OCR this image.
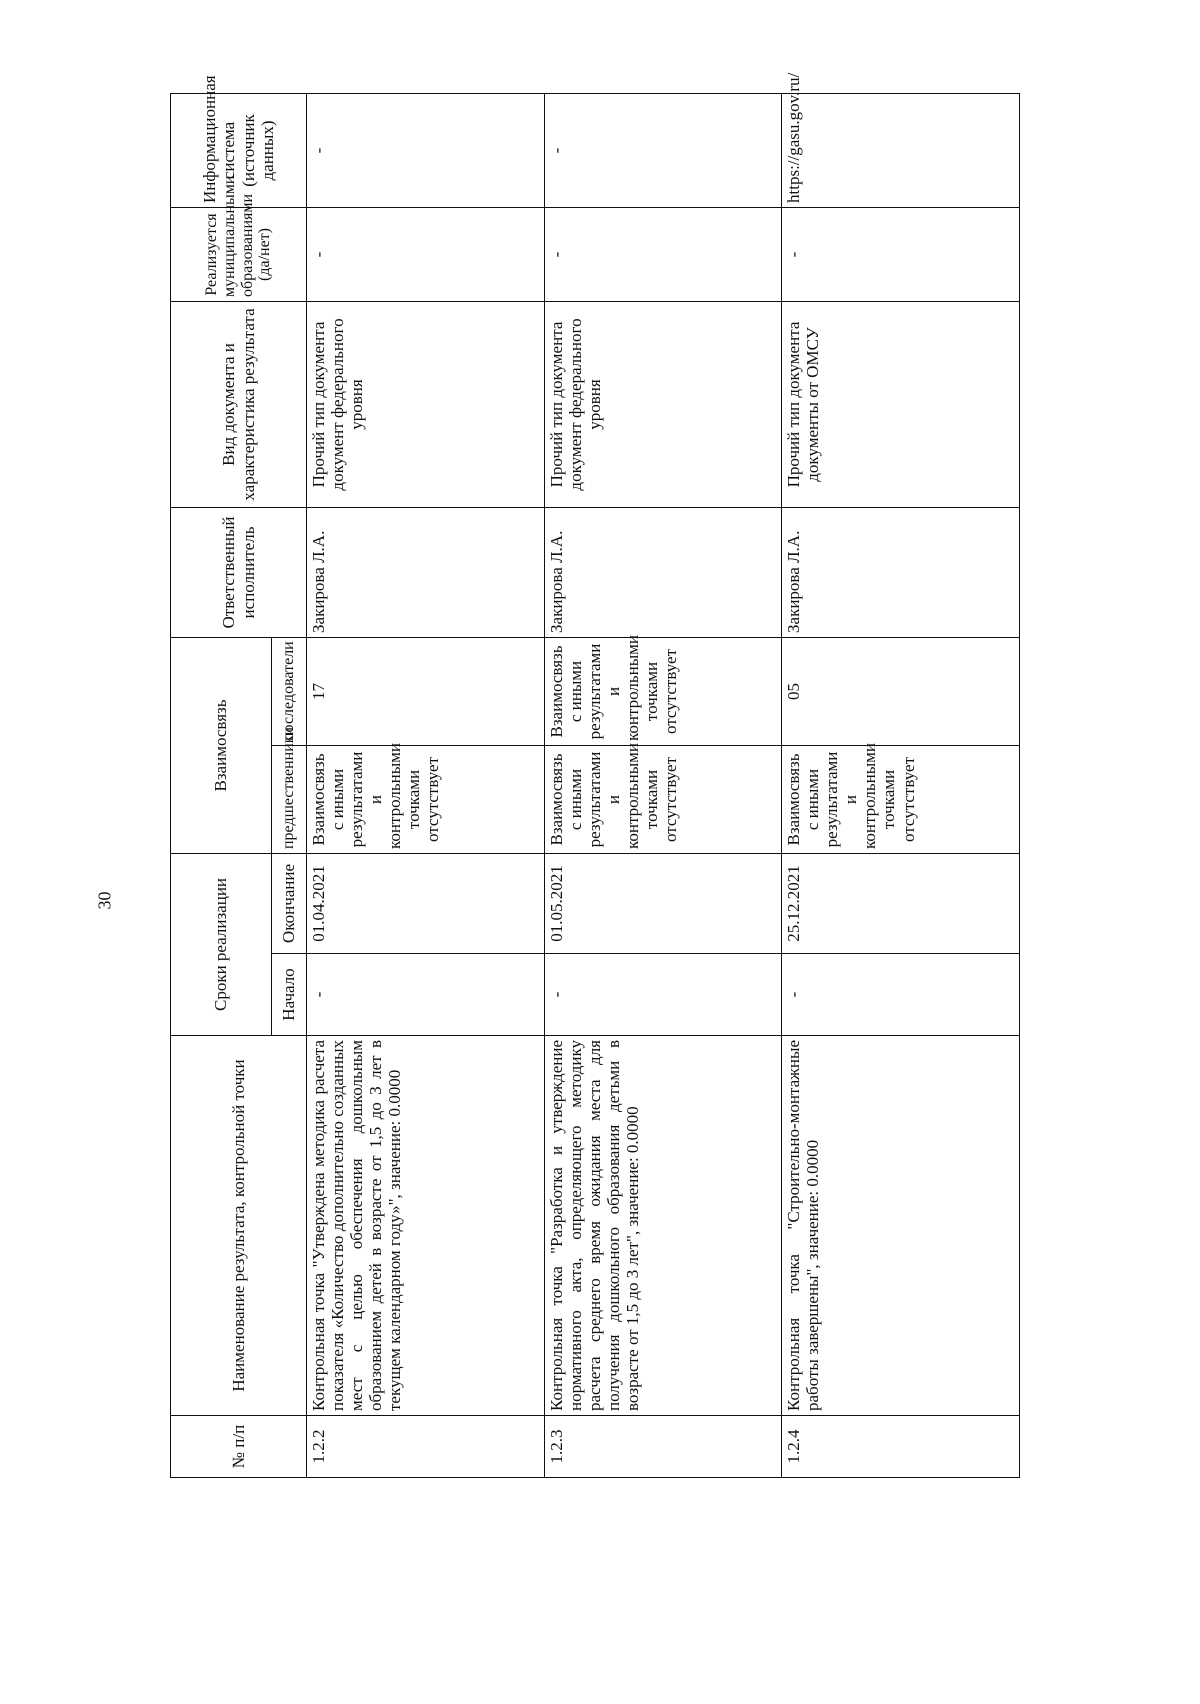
30
№ п/п	Наименование результата, контрольной точки	Сроки реализации		Взаимосвязь		Ответственный исполнитель	Вид документа и характеристика результата	Реализуется муниципальными образованиями (да/нет)	Информационная система (источник данных)
		Начало	Окончание	предшественники	последователи				
1.2.2	Контрольная точка "Утверждена методика расчета показателя «Количество дополнительно созданных мест с целью обеспечения дошкольным образованием детей в возрасте от 1,5 до 3 лет в текущем календарном году»", значение: 0.0000	-	01.04.2021	Взаимосвязь с иными результатами и контрольными точками отсутствует	17	Закирова Л.А.	Прочий тип документа документ федерального уровня	-	-
1.2.3	Контрольная точка "Разработка и утверждение нормативного акта, определяющего методику расчета среднего время ожидания места для получения дошкольного образования детьми в возрасте от 1,5 до 3 лет", значение: 0.0000	-	01.05.2021	Взаимосвязь с иными результатами и контрольными точками отсутствует	Взаимосвязь с иными результатами и контрольными точками отсутствует	Закирова Л.А.	Прочий тип документа документ федерального уровня	-	-
1.2.4	Контрольная точка "Строительно-монтажные работы завершены", значение: 0.0000	-	25.12.2021	Взаимосвязь с иными результатами и контрольными точками отсутствует	05	Закирова Л.А.	Прочий тип документа документы от ОМСУ	-	https://gasu.gov.ru/
